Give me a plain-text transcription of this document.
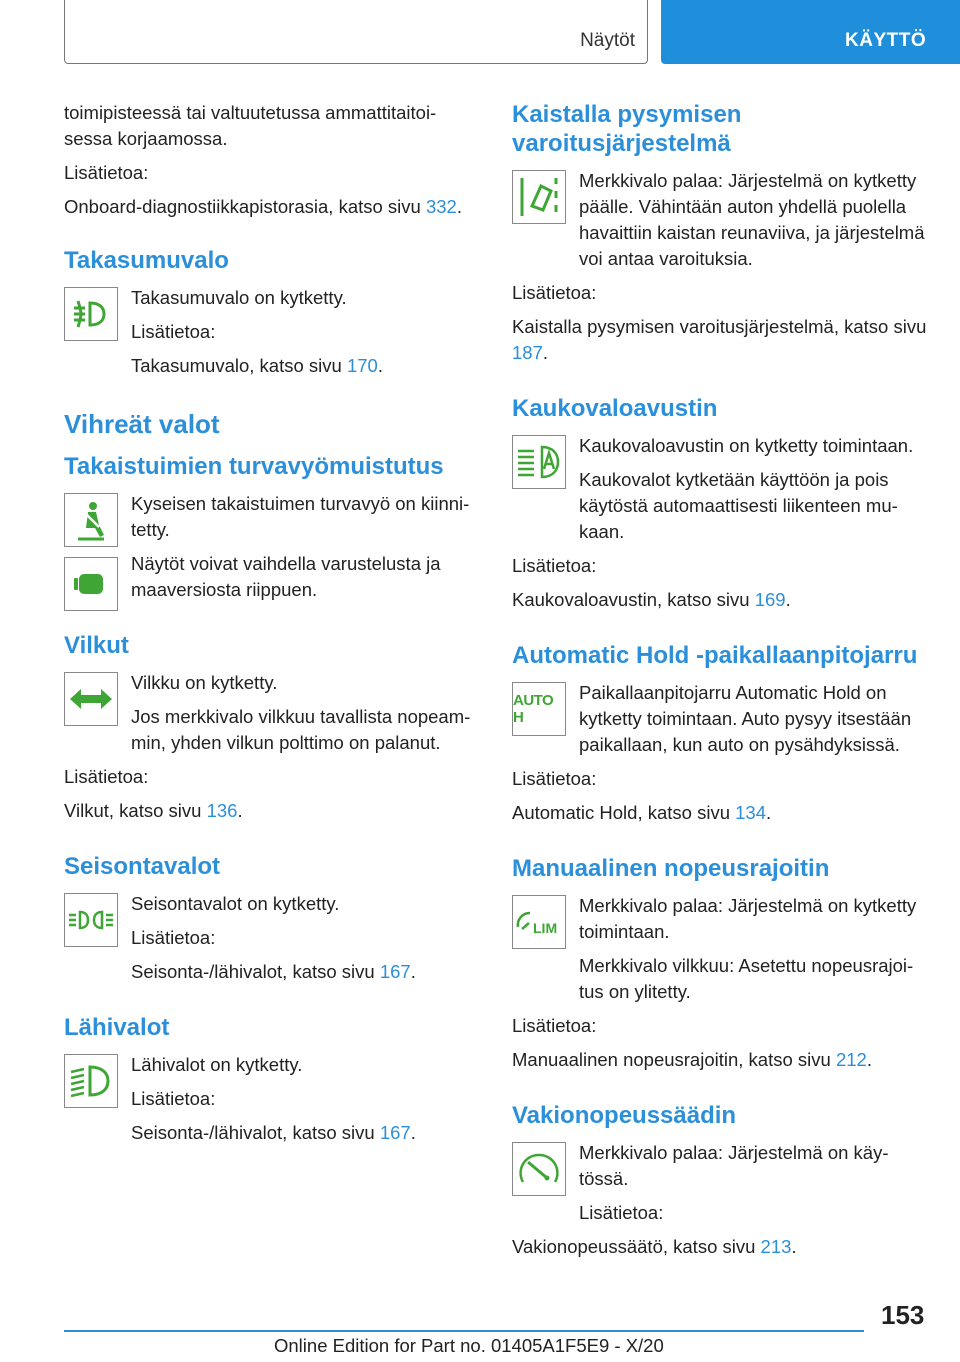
Näytöt	KÄYTTÖ

toimipisteessä tai valtuutetussa ammattitaitoi-sessa korjaamossa.

Lisätietoa:

Onboard-diagnostiikkapistorasia, katso sivu 332.

Takasumuvalo

Takasumuvalo on kytketty.

Lisätietoa:

Takasumuvalo, katso sivu 170.

Vihreät valot
Takaistuimien turvavyömuistutus

Kyseisen takaistuimen turvavyö on kiinni-tetty.

Näytöt voivat vaihdella varustelusta ja maaversiosta riippuen.

Vilkut

Vilkku on kytketty.

Jos merkkivalo vilkkuu tavallista nopeam-min, yhden vilkun polttimo on palanut.

Lisätietoa:

Vilkut, katso sivu 136.

Seisontavalot

Seisontavalot on kytketty.

Lisätietoa:

Seisonta-/lähivalot, katso sivu 167.

Lähivalot

Lähivalot on kytketty.

Lisätietoa:

Seisonta-/lähivalot, katso sivu 167.

Kaistalla pysymisen varoitusjärjestelmä

Merkkivalo palaa: Järjestelmä on kytketty päälle. Vähintään auton yhdellä puolella havaittiin kaistan reunaviiva, ja järjestelmä voi antaa varoituksia.

Lisätietoa:

Kaistalla pysymisen varoitusjärjestelmä, katso sivu 187.

Kaukovaloavustin

Kaukovaloavustin on kytketty toimintaan.

Kaukovalot kytketään käyttöön ja pois käytöstä automaattisesti liikenteen mu-kaan.

Lisätietoa:

Kaukovaloavustin, katso sivu 169.

Automatic Hold -paikallaanpitojarru
AUTO H

Paikallaanpitojarru Automatic Hold on kytketty toimintaan. Auto pysyy itsestään paikallaan, kun auto on pysähdyksissä.

Lisätietoa:

Automatic Hold, katso sivu 134.

Manuaalinen nopeusrajoitin
LIM

Merkkivalo palaa: Järjestelmä on kytketty toimintaan.

Merkkivalo vilkkuu: Asetettu nopeusrajoi-tus on ylitetty.

Lisätietoa:

Manuaalinen nopeusrajoitin, katso sivu 212.

Vakionopeussäädin

Merkkivalo palaa: Järjestelmä on käy-tössä.

Lisätietoa:

Vakionopeussäätö, katso sivu 213.

153
Online Edition for Part no. 01405A1F5E9 - X/20
